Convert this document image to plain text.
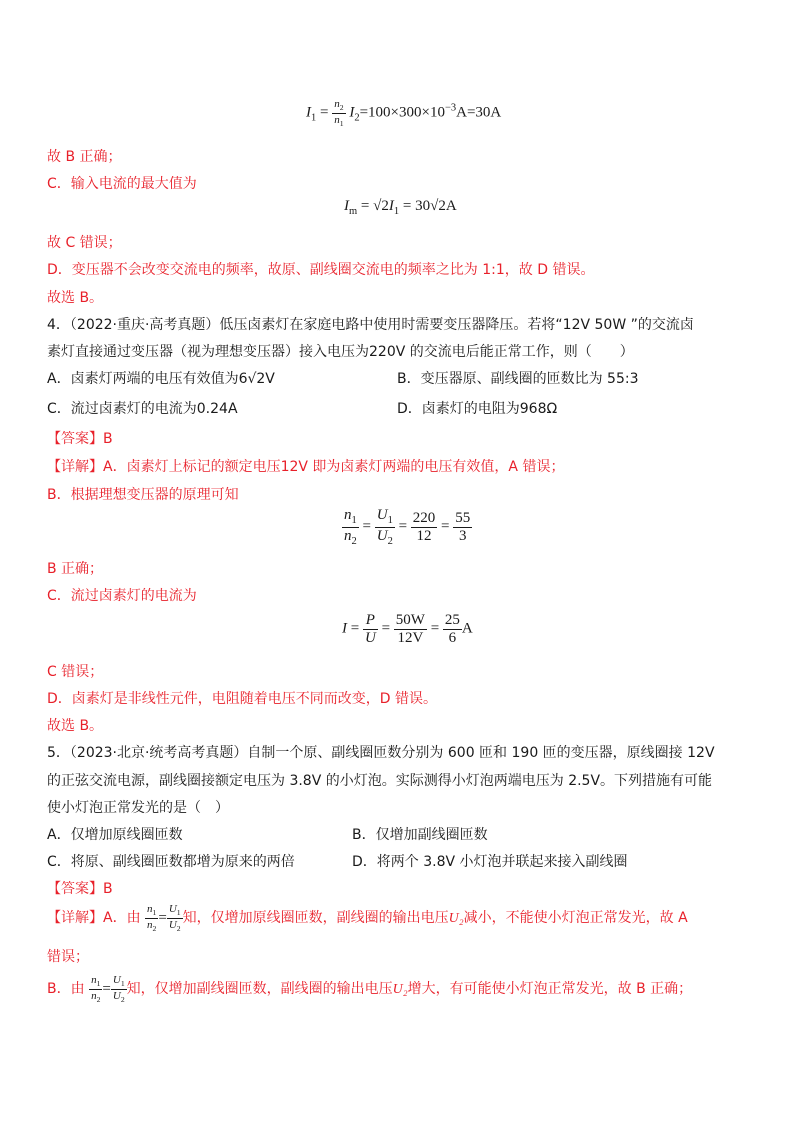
$I_1 = \frac{n_2}{n_1} I_2=100\times 300\times 10^{-3}A=30A$
故 B 正确；
C．输入电流的最大值为
$I_m = √2I_1 = 30√2A$
故 C 错误；
D．变压器不会改变交流电的频率，故原、副线圈交流电的频率之比为 1:1，故 D 错误。
故选 B。
4．（2022·重庆·高考真题）低压卤素灯在家庭电路中使用时需要变压器降压。若将“12V 50W ”的交流卤
素灯直接通过变压器（视为理想变压器）接入电压为220V 的交流电后能正常工作，则（　　）
A．卤素灯两端的电压有效值为6√2V	B．变压器原、副线圈的匝数比为 55:3
C．流过卤素灯的电流为0.24A	D．卤素灯的电阻为968Ω
【答案】B
【详解】A．卤素灯上标记的额定电压12V 即为卤素灯两端的电压有效值，A 错误；
B．根据理想变压器的原理可知
$\frac{n_1}{n_2} = \frac{U_1}{U_2} = \frac{220}{12} = \frac{55}{3}$
B 正确；
C．流过卤素灯的电流为
$I = \frac{P}{U} = \frac{50W}{12V} = \frac{25}{6}$ A
C 错误；
D．卤素灯是非线性元件，电阻随着电压不同而改变，D 错误。
故选 B。
5．（2023·北京·统考高考真题）自制一个原、副线圈匝数分别为 600 匝和 190 匝的变压器，原线圈接 12V
的正弦交流电源，副线圈接额定电压为 3.8V 的小灯泡。实际测得小灯泡两端电压为 2.5V。下列措施有可能
使小灯泡正常发光的是（　）
A．仅增加原线圈匝数	B．仅增加副线圈匝数
C．将原、副线圈匝数都增为原来的两倍	D．将两个 3.8V 小灯泡并联起来接入副线圈
【答案】B
【详解】A．由 $\frac{n_1}{n_2} = \frac{U_1}{U_2}$ 知，仅增加原线圈匝数，副线圈的输出电压U₂减小，不能使小灯泡正常发光，故 A
错误；
B．由 $\frac{n_1}{n_2} = \frac{U_1}{U_2}$ 知，仅增加副线圈匝数，副线圈的输出电压U₂增大，有可能使小灯泡正常发光，故 B 正确；
